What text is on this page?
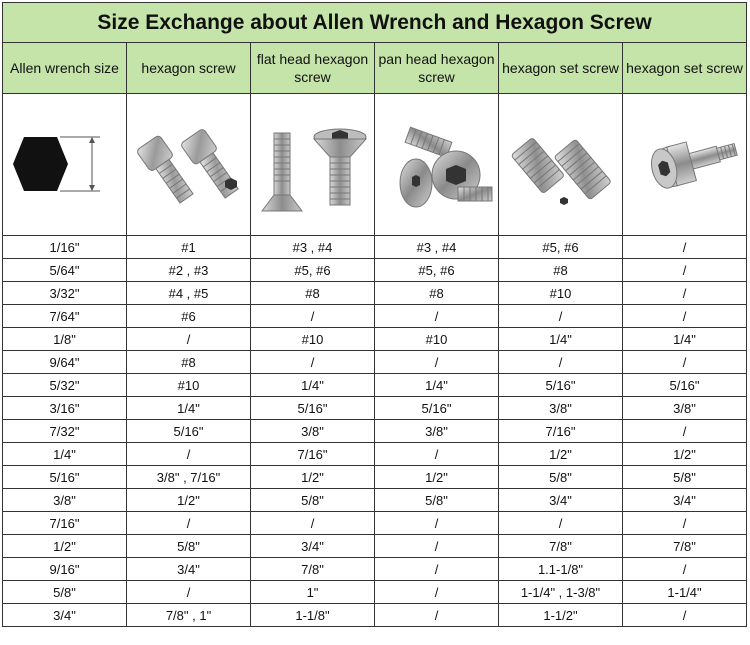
Size Exchange about Allen Wrench and Hexagon Screw					
Allen wrench size	hexagon screw	flat head hexagon screw	pan head hexagon screw	hexagon set screw	hexagon set screw

1/16"	#1	#3 , #4	#3 , #4	#5, #6	/
5/64"	#2 , #3	#5, #6	#5, #6	#8	/
3/32"	#4 , #5	#8	#8	#10	/
7/64"	#6	/	/	/	/
1/8"	/	#10	#10	1/4"	1/4"
9/64"	#8	/	/	/	/
5/32"	#10	1/4"	1/4"	5/16"	5/16"
3/16"	1/4"	5/16"	5/16"	3/8"	3/8"
7/32"	5/16"	3/8"	3/8"	7/16"	/
1/4"	/	7/16"	/	1/2"	1/2"
5/16"	3/8" , 7/16"	1/2"	1/2"	5/8"	5/8"
3/8"	1/2"	5/8"	5/8"	3/4"	3/4"
7/16"	/	/	/	/	/
1/2"	5/8"	3/4"	/	7/8"	7/8"
9/16"	3/4"	7/8"	/	1.1-1/8"	/
5/8"	/	1"	/	1-1/4" , 1-3/8"	1-1/4"
3/4"	7/8" , 1"	1-1/8"	/	1-1/2"	/
